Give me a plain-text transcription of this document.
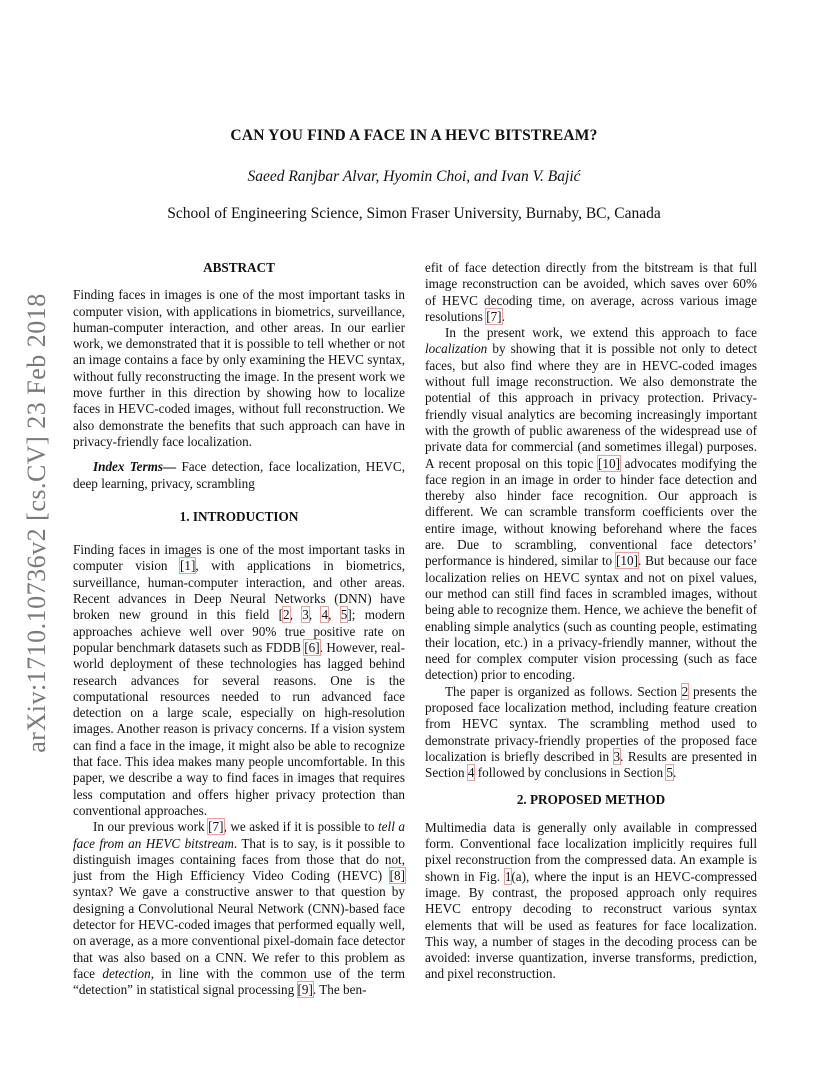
arXiv:1710.10736v2 [cs.CV] 23 Feb 2018
CAN YOU FIND A FACE IN A HEVC BITSTREAM?
Saeed Ranjbar Alvar, Hyomin Choi, and Ivan V. Bajić
School of Engineering Science, Simon Fraser University, Burnaby, BC, Canada
ABSTRACT

Finding faces in images is one of the most important tasks in computer vision, with applications in biometrics, surveillance, human-computer interaction, and other areas. In our earlier work, we demonstrated that it is possible to tell whether or not an image contains a face by only examining the HEVC syntax, without fully reconstructing the image. In the present work we move further in this direction by showing how to localize faces in HEVC-coded images, without full reconstruction. We also demonstrate the benefits that such approach can have in privacy-friendly face localization.

Index Terms— Face detection, face localization, HEVC, deep learning, privacy, scrambling

1. INTRODUCTION

Finding faces in images is one of the most important tasks in computer vision [1], with applications in biometrics, surveillance, human-computer interaction, and other areas. Recent advances in Deep Neural Networks (DNN) have broken new ground in this field [2, 3, 4, 5]; modern approaches achieve well over 90% true positive rate on popular benchmark datasets such as FDDB [6]. However, real-world deployment of these technologies has lagged behind research advances for several reasons. One is the computational resources needed to run advanced face detection on a large scale, especially on high-resolution images. Another reason is privacy concerns. If a vision system can find a face in the image, it might also be able to recognize that face. This idea makes many people uncomfortable. In this paper, we describe a way to find faces in images that requires less computation and offers higher privacy protection than conventional approaches.

In our previous work [7], we asked if it is possible to tell a face from an HEVC bitstream. That is to say, is it possible to distinguish images containing faces from those that do not, just from the High Efficiency Video Coding (HEVC) [8] syntax? We gave a constructive answer to that question by designing a Convolutional Neural Network (CNN)-based face detector for HEVC-coded images that performed equally well, on average, as a more conventional pixel-domain face detector that was also based on a CNN. We refer to this problem as face detection, in line with the common use of the term “detection” in statistical signal processing [9]. The ben-

efit of face detection directly from the bitstream is that full image reconstruction can be avoided, which saves over 60% of HEVC decoding time, on average, across various image resolutions [7].

In the present work, we extend this approach to face localization by showing that it is possible not only to detect faces, but also find where they are in HEVC-coded images without full image reconstruction. We also demonstrate the potential of this approach in privacy protection. Privacy-friendly visual analytics are becoming increasingly important with the growth of public awareness of the widespread use of private data for commercial (and sometimes illegal) purposes. A recent proposal on this topic [10] advocates modifying the face region in an image in order to hinder face detection and thereby also hinder face recognition. Our approach is different. We can scramble transform coefficients over the entire image, without knowing beforehand where the faces are. Due to scrambling, conventional face detectors’ performance is hindered, similar to [10]. But because our face localization relies on HEVC syntax and not on pixel values, our method can still find faces in scrambled images, without being able to recognize them. Hence, we achieve the benefit of enabling simple analytics (such as counting people, estimating their location, etc.) in a privacy-friendly manner, without the need for complex computer vision processing (such as face detection) prior to encoding.

The paper is organized as follows. Section 2 presents the proposed face localization method, including feature creation from HEVC syntax. The scrambling method used to demonstrate privacy-friendly properties of the proposed face localization is briefly described in 3. Results are presented in Section 4 followed by conclusions in Section 5.

2. PROPOSED METHOD

Multimedia data is generally only available in compressed form. Conventional face localization implicitly requires full pixel reconstruction from the compressed data. An example is shown in Fig. 1(a), where the input is an HEVC-compressed image. By contrast, the proposed approach only requires HEVC entropy decoding to reconstruct various syntax elements that will be used as features for face localization. This way, a number of stages in the decoding process can be avoided: inverse quantization, inverse transforms, prediction, and pixel reconstruction.
